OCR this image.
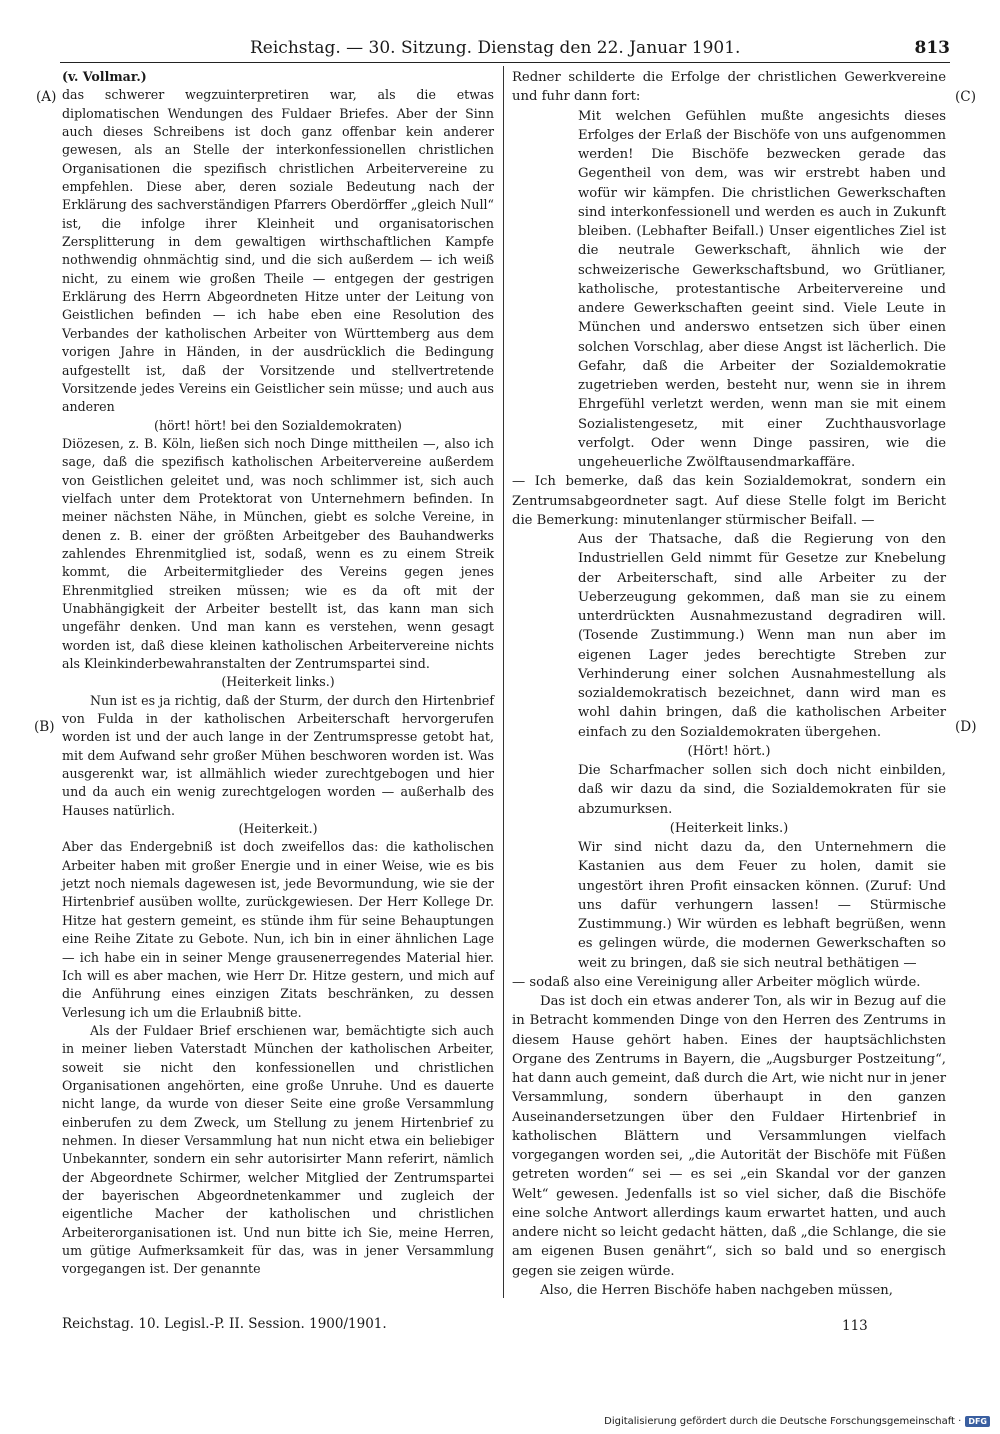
Reichstag. — 30. Sitzung. Dienstag den 22. Januar 1901.	813
(A)
(B)
(C)
(D)

(v. Vollmar.)

das schwerer wegzuinterpretiren war, als die etwas diplomatischen Wendungen des Fuldaer Briefes. Aber der Sinn auch dieses Schreibens ist doch ganz offenbar kein anderer gewesen, als an Stelle der interkonfessionellen christlichen Organisationen die spezifisch christlichen Arbeitervereine zu empfehlen. Diese aber, deren soziale Bedeutung nach der Erklärung des sachverständigen Pfarrers Oberdörffer „gleich Null“ ist, die infolge ihrer Kleinheit und organisatorischen Zersplitterung in dem gewaltigen wirthschaftlichen Kampfe nothwendig ohnmächtig sind, und die sich außerdem — ich weiß nicht, zu einem wie großen Theile — entgegen der gestrigen Erklärung des Herrn Abgeordneten Hitze unter der Leitung von Geistlichen befinden — ich habe eben eine Resolution des Verbandes der katholischen Arbeiter von Württemberg aus dem vorigen Jahre in Händen, in der ausdrücklich die Bedingung aufgestellt ist, daß der Vorsitzende und stellvertretende Vorsitzende jedes Vereins ein Geistlicher sein müsse; und auch aus anderen

(hört! hört! bei den Sozialdemokraten)

Diözesen, z. B. Köln, ließen sich noch Dinge mittheilen —, also ich sage, daß die spezifisch katholischen Arbeitervereine außerdem von Geistlichen geleitet und, was noch schlimmer ist, sich auch vielfach unter dem Protektorat von Unternehmern befinden. In meiner nächsten Nähe, in München, giebt es solche Vereine, in denen z. B. einer der größten Arbeitgeber des Bauhandwerks zahlendes Ehrenmitglied ist, sodaß, wenn es zu einem Streik kommt, die Arbeitermitglieder des Vereins gegen jenes Ehrenmitglied streiken müssen; wie es da oft mit der Unabhängigkeit der Arbeiter bestellt ist, das kann man sich ungefähr denken. Und man kann es verstehen, wenn gesagt worden ist, daß diese kleinen katholischen Arbeitervereine nichts als Kleinkinderbewahranstalten der Zentrumspartei sind.

(Heiterkeit links.)

Nun ist es ja richtig, daß der Sturm, der durch den Hirtenbrief von Fulda in der katholischen Arbeiterschaft hervorgerufen worden ist und der auch lange in der Zentrumspresse getobt hat, mit dem Aufwand sehr großer Mühen beschworen worden ist. Was ausgerenkt war, ist allmählich wieder zurechtgebogen und hier und da auch ein wenig zurechtgelogen worden — außerhalb des Hauses natürlich.

(Heiterkeit.)

Aber das Endergebniß ist doch zweifellos das: die katholischen Arbeiter haben mit großer Energie und in einer Weise, wie es bis jetzt noch niemals dagewesen ist, jede Bevormundung, wie sie der Hirtenbrief ausüben wollte, zurückgewiesen. Der Herr Kollege Dr. Hitze hat gestern gemeint, es stünde ihm für seine Behauptungen eine Reihe Zitate zu Gebote. Nun, ich bin in einer ähnlichen Lage — ich habe ein in seiner Menge grausenerregendes Material hier. Ich will es aber machen, wie Herr Dr. Hitze gestern, und mich auf die Anführung eines einzigen Zitats beschränken, zu dessen Verlesung ich um die Erlaubniß bitte.

Als der Fuldaer Brief erschienen war, bemächtigte sich auch in meiner lieben Vaterstadt München der katholischen Arbeiter, soweit sie nicht den konfessionellen und christlichen Organisationen angehörten, eine große Unruhe. Und es dauerte nicht lange, da wurde von dieser Seite eine große Versammlung einberufen zu dem Zweck, um Stellung zu jenem Hirtenbrief zu nehmen. In dieser Versammlung hat nun nicht etwa ein beliebiger Unbekannter, sondern ein sehr autorisirter Mann referirt, nämlich der Abgeordnete Schirmer, welcher Mitglied der Zentrumspartei der bayerischen Abgeordnetenkammer und zugleich der eigentliche Macher der katholischen und christlichen Arbeiterorganisationen ist. Und nun bitte ich Sie, meine Herren, um gütige Aufmerksamkeit für das, was in jener Versammlung vorgegangen ist. Der genannte

Redner schilderte die Erfolge der christlichen Gewerkvereine und fuhr dann fort:

Mit welchen Gefühlen mußte angesichts dieses Erfolges der Erlaß der Bischöfe von uns aufgenommen werden! Die Bischöfe bezwecken gerade das Gegentheil von dem, was wir erstrebt haben und wofür wir kämpfen. Die christlichen Gewerkschaften sind interkonfessionell und werden es auch in Zukunft bleiben. (Lebhafter Beifall.) Unser eigentliches Ziel ist die neutrale Gewerkschaft, ähnlich wie der schweizerische Gewerkschaftsbund, wo Grütlianer, katholische, protestantische Arbeitervereine und andere Gewerkschaften geeint sind. Viele Leute in München und anderswo entsetzen sich über einen solchen Vorschlag, aber diese Angst ist lächerlich. Die Gefahr, daß die Arbeiter der Sozialdemokratie zugetrieben werden, besteht nur, wenn sie in ihrem Ehrgefühl verletzt werden, wenn man sie mit einem Sozialistengesetz, mit einer Zuchthausvorlage verfolgt. Oder wenn Dinge passiren, wie die ungeheuerliche Zwölftausendmarkaffäre.

— Ich bemerke, daß das kein Sozialdemokrat, sondern ein Zentrumsabgeordneter sagt. Auf diese Stelle folgt im Bericht die Bemerkung: minutenlanger stürmischer Beifall. —

Aus der Thatsache, daß die Regierung von den Industriellen Geld nimmt für Gesetze zur Knebelung der Arbeiterschaft, sind alle Arbeiter zu der Ueberzeugung gekommen, daß man sie zu einem unterdrückten Ausnahmezustand degradiren will. (Tosende Zustimmung.) Wenn man nun aber im eigenen Lager jedes berechtigte Streben zur Verhinderung einer solchen Ausnahmestellung als sozialdemokratisch bezeichnet, dann wird man es wohl dahin bringen, daß die katholischen Arbeiter einfach zu den Sozialdemokraten übergehen.

(Hört! hört.)

Die Scharfmacher sollen sich doch nicht einbilden, daß wir dazu da sind, die Sozialdemokraten für sie abzumurksen.

(Heiterkeit links.)

Wir sind nicht dazu da, den Unternehmern die Kastanien aus dem Feuer zu holen, damit sie ungestört ihren Profit einsacken können. (Zuruf: Und uns dafür verhungern lassen! — Stürmische Zustimmung.) Wir würden es lebhaft begrüßen, wenn es gelingen würde, die modernen Gewerkschaften so weit zu bringen, daß sie sich neutral bethätigen —

— sodaß also eine Vereinigung aller Arbeiter möglich würde.

Das ist doch ein etwas anderer Ton, als wir in Bezug auf die in Betracht kommenden Dinge von den Herren des Zentrums in diesem Hause gehört haben. Eines der hauptsächlichsten Organe des Zentrums in Bayern, die „Augsburger Postzeitung“, hat dann auch gemeint, daß durch die Art, wie nicht nur in jener Versammlung, sondern überhaupt in den ganzen Auseinandersetzungen über den Fuldaer Hirtenbrief in katholischen Blättern und Versammlungen vielfach vorgegangen worden sei, „die Autorität der Bischöfe mit Füßen getreten worden“ sei — es sei „ein Skandal vor der ganzen Welt“ gewesen. Jedenfalls ist so viel sicher, daß die Bischöfe eine solche Antwort allerdings kaum erwartet hatten, und auch andere nicht so leicht gedacht hätten, daß „die Schlange, die sie am eigenen Busen genährt“, sich so bald und so energisch gegen sie zeigen würde.

Also, die Herren Bischöfe haben nachgeben müssen,

Reichstag. 10. Legisl.-P. II. Session. 1900/1901.	113
Digitalisierung gefördert durch die Deutsche Forschungsgemeinschaft · DFG
